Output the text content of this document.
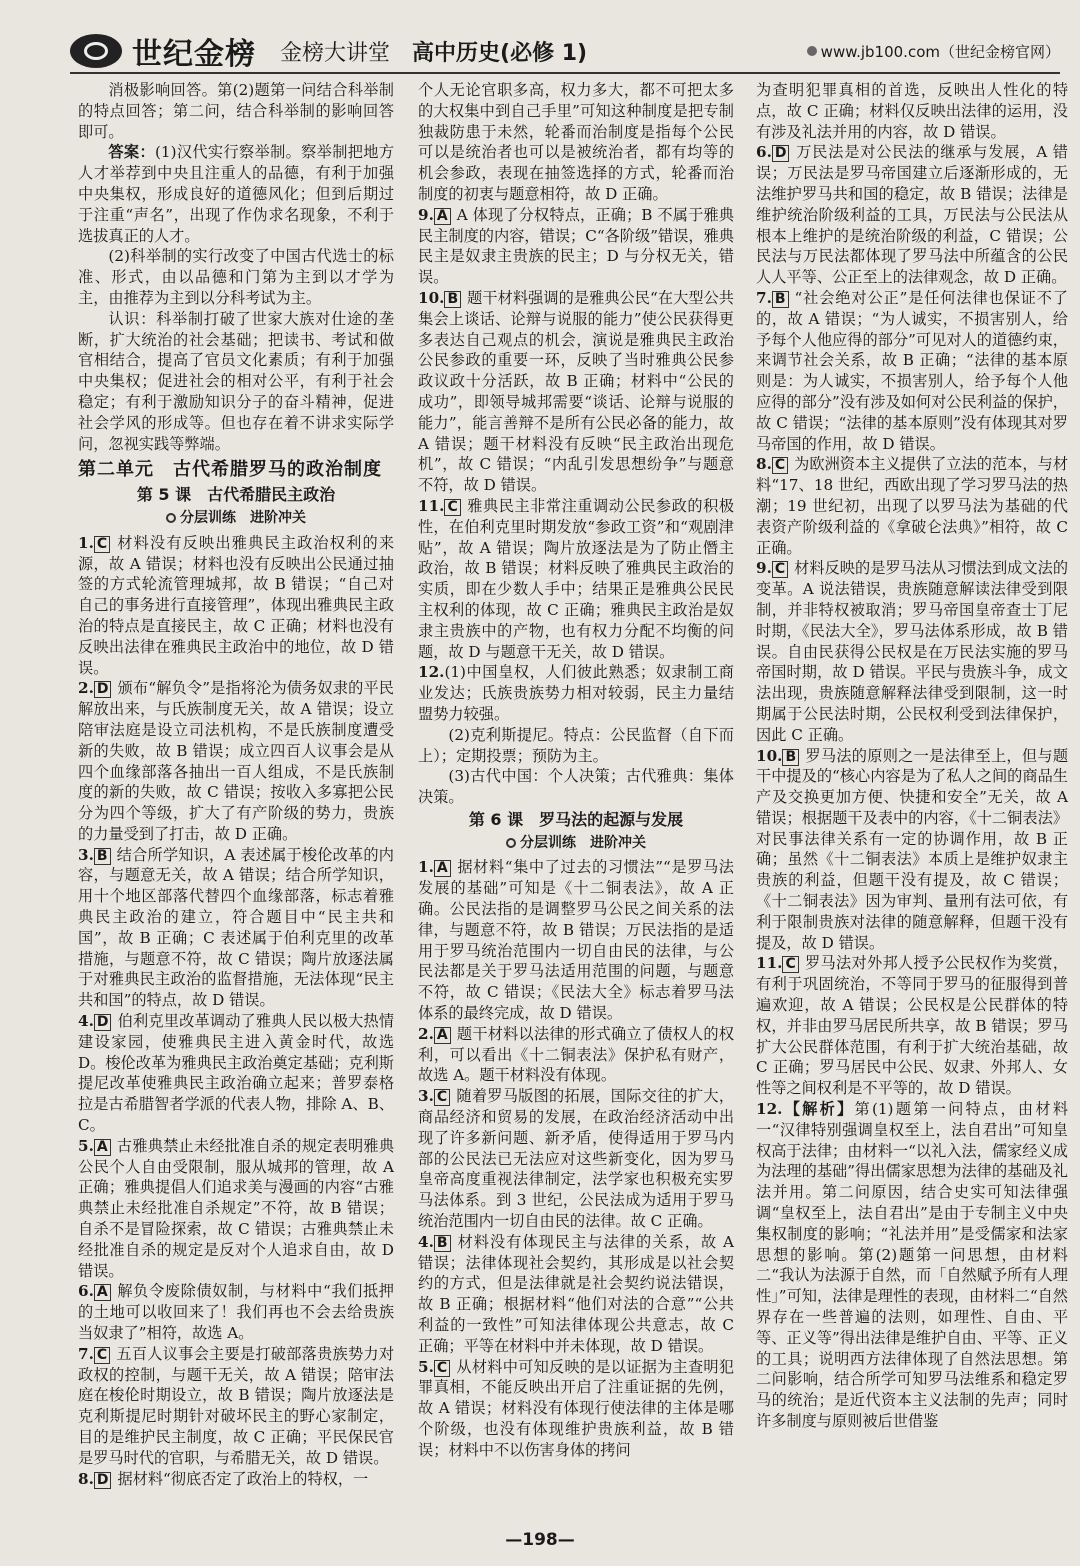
世纪金榜 金榜大讲堂 高中历史(必修 1)	www.jb100.com（世纪金榜官网）

消极影响回答。第(2)题第一问结合科举制的特点回答；第二问，结合科举制的影响回答即可。

答案：(1)汉代实行察举制。察举制把地方人才举荐到中央且注重人的品德，有利于加强中央集权，形成良好的道德风化；但到后期过于注重“声名”，出现了作伪求名现象，不利于选拔真正的人才。

(2)科举制的实行改变了中国古代选士的标准、形式，由以品德和门第为主到以才学为主，由推荐为主到以分科考试为主。

认识：科举制打破了世家大族对仕途的垄断，扩大统治的社会基础；把读书、考试和做官相结合，提高了官员文化素质；有利于加强中央集权；促进社会的相对公平，有利于社会稳定；有利于激励知识分子的奋斗精神，促进社会学风的形成等。但也存在着不讲求实际学问，忽视实践等弊端。

第二单元　古代希腊罗马的政治制度
第 5 课　古代希腊民主政治
分层训练　进阶冲关

1. C 材料没有反映出雅典民主政治权利的来源，故 A 错误；材料也没有反映出公民通过抽签的方式轮流管理城邦，故 B 错误；“自己对自己的事务进行直接管理”，体现出雅典民主政治的特点是直接民主，故 C 正确；材料也没有反映出法律在雅典民主政治中的地位，故 D 错误。

2. D 颁布“解负令”是指将沦为债务奴隶的平民解放出来，与氏族制度无关，故 A 错误；设立陪审法庭是设立司法机构，不是氏族制度遭受新的失败，故 B 错误；成立四百人议事会是从四个血缘部落各抽出一百人组成，不是氏族制度的新的失败，故 C 错误；按收入多寡把公民分为四个等级，扩大了有产阶级的势力，贵族的力量受到了打击，故 D 正确。

3. B 结合所学知识，A 表述属于梭伦改革的内容，与题意无关，故 A 错误；结合所学知识，用十个地区部落代替四个血缘部落，标志着雅典民主政治的建立，符合题目中“民主共和国”，故 B 正确；C 表述属于伯利克里的改革措施，与题意不符，故 C 错误；陶片放逐法属于对雅典民主政治的监督措施，无法体现“民主共和国”的特点，故 D 错误。

4. D 伯利克里改革调动了雅典人民以极大热情建设家园，使雅典民主进入黄金时代，故选 D。梭伦改革为雅典民主政治奠定基础；克利斯提尼改革使雅典民主政治确立起来；普罗泰格拉是古希腊智者学派的代表人物，排除 A、B、C。

5. A 古雅典禁止未经批准自杀的规定表明雅典公民个人自由受限制，服从城邦的管理，故 A 正确；雅典提倡人们追求美与漫画的内容“古雅典禁止未经批准自杀规定”不符，故 B 错误；自杀不是冒险探索，故 C 错误；古雅典禁止未经批准自杀的规定是反对个人追求自由，故 D 错误。

6. A 解负令废除债奴制，与材料中“我们抵押的土地可以收回来了！我们再也不会去给贵族当奴隶了”相符，故选 A。

7. C 五百人议事会主要是打破部落贵族势力对政权的控制，与题干无关，故 A 错误；陪审法庭在梭伦时期设立，故 B 错误；陶片放逐法是克利斯提尼时期针对破坏民主的野心家制定，目的是维护民主制度，故 C 正确；平民保民官是罗马时代的官职，与希腊无关，故 D 错误。

8. D 据材料“彻底否定了政治上的特权，一

个人无论官职多高，权力多大，都不可把太多的大权集中到自己手里”可知这种制度是把专制独裁防患于未然，轮番而治制度是指每个公民可以是统治者也可以是被统治者，都有均等的机会参政，表现在抽签选择的方式，轮番而治制度的初衷与题意相符，故 D 正确。

9. A A 体现了分权特点，正确；B 不属于雅典民主制度的内容，错误；C“各阶级”错误，雅典民主是奴隶主贵族的民主；D 与分权无关，错误。

10. B 题干材料强调的是雅典公民“在大型公共集会上谈话、论辩与说服的能力”使公民获得更多表达自己观点的机会，演说是雅典民主政治公民参政的重要一环，反映了当时雅典公民参政议政十分活跃，故 B 正确；材料中“公民的成功”，即领导城邦需要“谈话、论辩与说服的能力”，能言善辩不是所有公民必备的能力，故 A 错误；题干材料没有反映“民主政治出现危机”，故 C 错误；“内乱引发思想纷争”与题意不符，故 D 错误。

11. C 雅典民主非常注重调动公民参政的积极性，在伯利克里时期发放“参政工资”和“观剧津贴”，故 A 错误；陶片放逐法是为了防止僭主政治，故 B 错误；材料反映了雅典民主政治的实质，即在少数人手中；结果正是雅典公民民主权利的体现，故 C 正确；雅典民主政治是奴隶主贵族中的产物，也有权力分配不均衡的问题，故 D 与题意干无关，故 D 错误。

12.(1)中国皇权，人们彼此熟悉；奴隶制工商业发达；氏族贵族势力相对较弱，民主力量结盟势力较强。

(2)克利斯提尼。特点：公民监督（自下而上）；定期投票；预防为主。

(3)古代中国：个人决策；古代雅典：集体决策。

第 6 课　罗马法的起源与发展
分层训练　进阶冲关

1. A 据材料“集中了过去的习惯法”“是罗马法发展的基础”可知是《十二铜表法》，故 A 正确。公民法指的是调整罗马公民之间关系的法律，与题意不符，故 B 错误；万民法指的是适用于罗马统治范围内一切自由民的法律，与公民法都是关于罗马法适用范围的问题，与题意不符，故 C 错误；《民法大全》标志着罗马法体系的最终完成，故 D 错误。

2. A 题干材料以法律的形式确立了债权人的权利，可以看出《十二铜表法》保护私有财产，故选 A。题干材料没有体现。

3. C 随着罗马版图的拓展，国际交往的扩大，商品经济和贸易的发展，在政治经济活动中出现了许多新问题、新矛盾，使得适用于罗马内部的公民法已无法应对这些新变化，因为罗马皇帝高度重视法律制定，法学家也积极充实罗马法体系。到 3 世纪，公民法成为适用于罗马统治范围内一切自由民的法律。故 C 正确。

4. B 材料没有体现民主与法律的关系，故 A 错误；法律体现社会契约，其形成是以社会契约的方式，但是法律就是社会契约说法错误，故 B 正确；根据材料“他们对法的合意”“公共利益的一致性”可知法律体现公共意志，故 C 正确；平等在材料中并未体现，故 D 错误。

5. C 从材料中可知反映的是以证据为主查明犯罪真相，不能反映出开启了注重证据的先例，故 A 错误；材料没有体现行使法律的主体是哪个阶级，也没有体现维护贵族利益，故 B 错误；材料中不以伤害身体的拷问

为查明犯罪真相的首选，反映出人性化的特点，故 C 正确；材料仅反映出法律的运用，没有涉及礼法并用的内容，故 D 错误。

6. D 万民法是对公民法的继承与发展，A 错误；万民法是罗马帝国建立后逐渐形成的，无法维护罗马共和国的稳定，故 B 错误；法律是维护统治阶级利益的工具，万民法与公民法从根本上维护的是统治阶级的利益，C 错误；公民法与万民法都体现了罗马法中所蕴含的公民人人平等、公正至上的法律观念，故 D 正确。

7. B “社会绝对公正”是任何法律也保证不了的，故 A 错误；“为人诚实，不损害别人，给予每个人他应得的部分”可见对人的道德约束，来调节社会关系，故 B 正确；“法律的基本原则是：为人诚实，不损害别人，给予每个人他应得的部分”没有涉及如何对公民利益的保护，故 C 错误；“法律的基本原则”没有体现其对罗马帝国的作用，故 D 错误。

8. C 为欧洲资本主义提供了立法的范本，与材料“17、18 世纪，西欧出现了学习罗马法的热潮；19 世纪初，出现了以罗马法为基础的代表资产阶级利益的《拿破仑法典》”相符，故 C 正确。

9. C 材料反映的是罗马法从习惯法到成文法的变革。A 说法错误，贵族随意解读法律受到限制，并非特权被取消；罗马帝国皇帝查士丁尼时期，《民法大全》，罗马法体系形成，故 B 错误。自由民获得公民权是在万民法实施的罗马帝国时期，故 D 错误。平民与贵族斗争，成文法出现，贵族随意解释法律受到限制，这一时期属于公民法时期，公民权利受到法律保护，因此 C 正确。

10. B 罗马法的原则之一是法律至上，但与题干中提及的“核心内容是为了私人之间的商品生产及交换更加方便、快捷和安全”无关，故 A 错误；根据题干及表中的内容，《十二铜表法》对民事法律关系有一定的协调作用，故 B 正确；虽然《十二铜表法》本质上是维护奴隶主贵族的利益，但题干没有提及，故 C 错误；《十二铜表法》因为审判、量刑有法可依，有利于限制贵族对法律的随意解释，但题干没有提及，故 D 错误。

11. C 罗马法对外邦人授予公民权作为奖赏，有利于巩固统治，不等同于罗马的征服得到普遍欢迎，故 A 错误；公民权是公民群体的特权，并非由罗马居民所共享，故 B 错误；罗马扩大公民群体范围，有利于扩大统治基础，故 C 正确；罗马居民中公民、奴隶、外邦人、女性等之间权利是不平等的，故 D 错误。

12.【解析】第(1)题第一问特点，由材料一“汉律特别强调皇权至上，法自君出”可知皇权高于法律；由材料一“以礼入法，儒家经义成为法理的基础”得出儒家思想为法律的基础及礼法并用。第二问原因，结合史实可知法律强调“皇权至上，法自君出”是由于专制主义中央集权制度的影响；“礼法并用”是受儒家和法家思想的影响。第(2)题第一问思想，由材料二“我认为法源于自然，而「自然赋予所有人理性」”可知，法律是理性的表现，由材料二“自然界存在一些普遍的法则，如理性、自由、平等、正义等”得出法律是维护自由、平等、正义的工具；说明西方法律体现了自然法思想。第二问影响，结合所学可知罗马法维系和稳定罗马的统治；是近代资本主义法制的先声；同时许多制度与原则被后世借鉴

—198—
